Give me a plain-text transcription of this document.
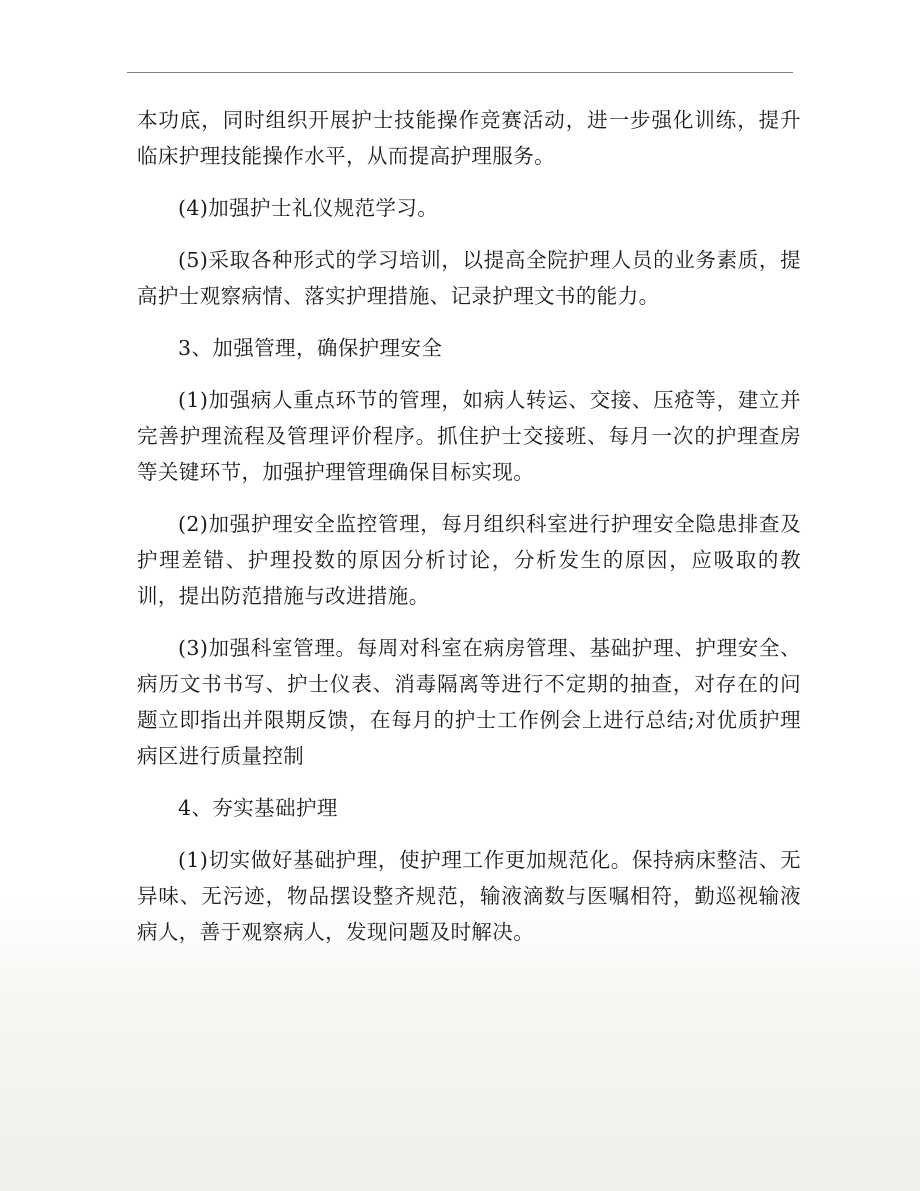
本功底，同时组织开展护士技能操作竞赛活动，进一步强化训练，提升临床护理技能操作水平，从而提高护理服务。

(4)加强护士礼仪规范学习。

(5)采取各种形式的学习培训，以提高全院护理人员的业务素质，提高护士观察病情、落实护理措施、记录护理文书的能力。

3、加强管理，确保护理安全

(1)加强病人重点环节的管理，如病人转运、交接、压疮等，建立并完善护理流程及管理评价程序。抓住护士交接班、每月一次的护理查房等关键环节，加强护理管理确保目标实现。

(2)加强护理安全监控管理，每月组织科室进行护理安全隐患排查及护理差错、护理投数的原因分析讨论，分析发生的原因，应吸取的教训，提出防范措施与改进措施。

(3)加强科室管理。每周对科室在病房管理、基础护理、护理安全、病历文书书写、护士仪表、消毒隔离等进行不定期的抽查，对存在的问题立即指出并限期反馈，在每月的护士工作例会上进行总结;对优质护理病区进行质量控制

4、夯实基础护理

(1)切实做好基础护理，使护理工作更加规范化。保持病床整洁、无异味、无污迹，物品摆设整齐规范，输液滴数与医嘱相符，勤巡视输液病人，善于观察病人，发现问题及时解决。
